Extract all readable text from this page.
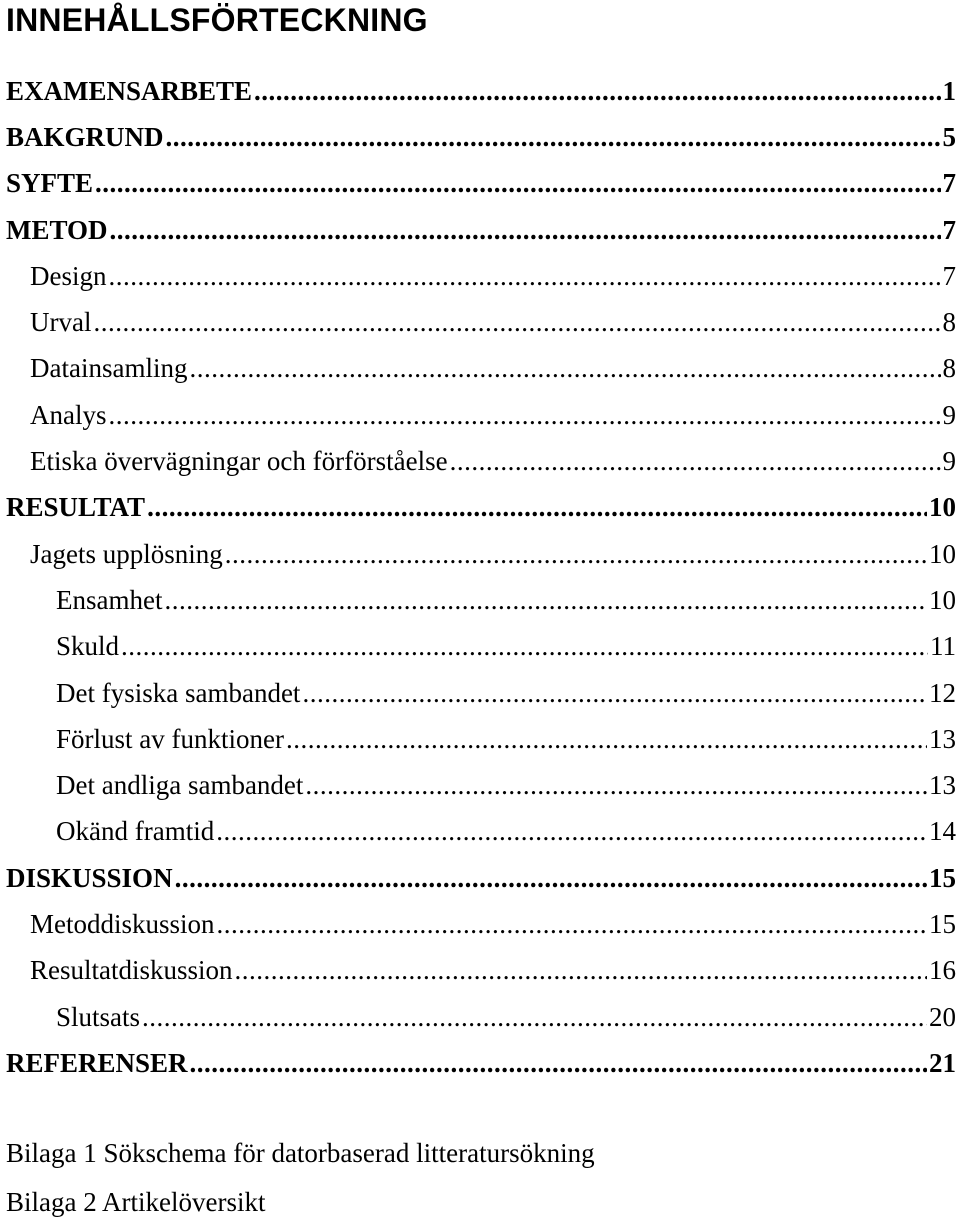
INNEHÅLLSFÖRTECKNING
EXAMENSARBETE .....	1
BAKGRUND .....	5
SYFTE .....	7
METOD .....	7
Design .....	7
Urval .....	8
Datainsamling .....	8
Analys .....	9
Etiska övervägningar och förförståelse .....	9
RESULTAT .....	10
Jagets upplösning .....	10
Ensamhet .....	10
Skuld .....	11
Det fysiska sambandet .....	12
Förlust av funktioner .....	13
Det andliga sambandet .....	13
Okänd framtid .....	14
DISKUSSION .....	15
Metoddiskussion .....	15
Resultatdiskussion .....	16
Slutsats .....	20
REFERENSER .....	21

Bilaga 1 Sökschema för datorbaserad litteratursökning

Bilaga 2 Artikelöversikt
